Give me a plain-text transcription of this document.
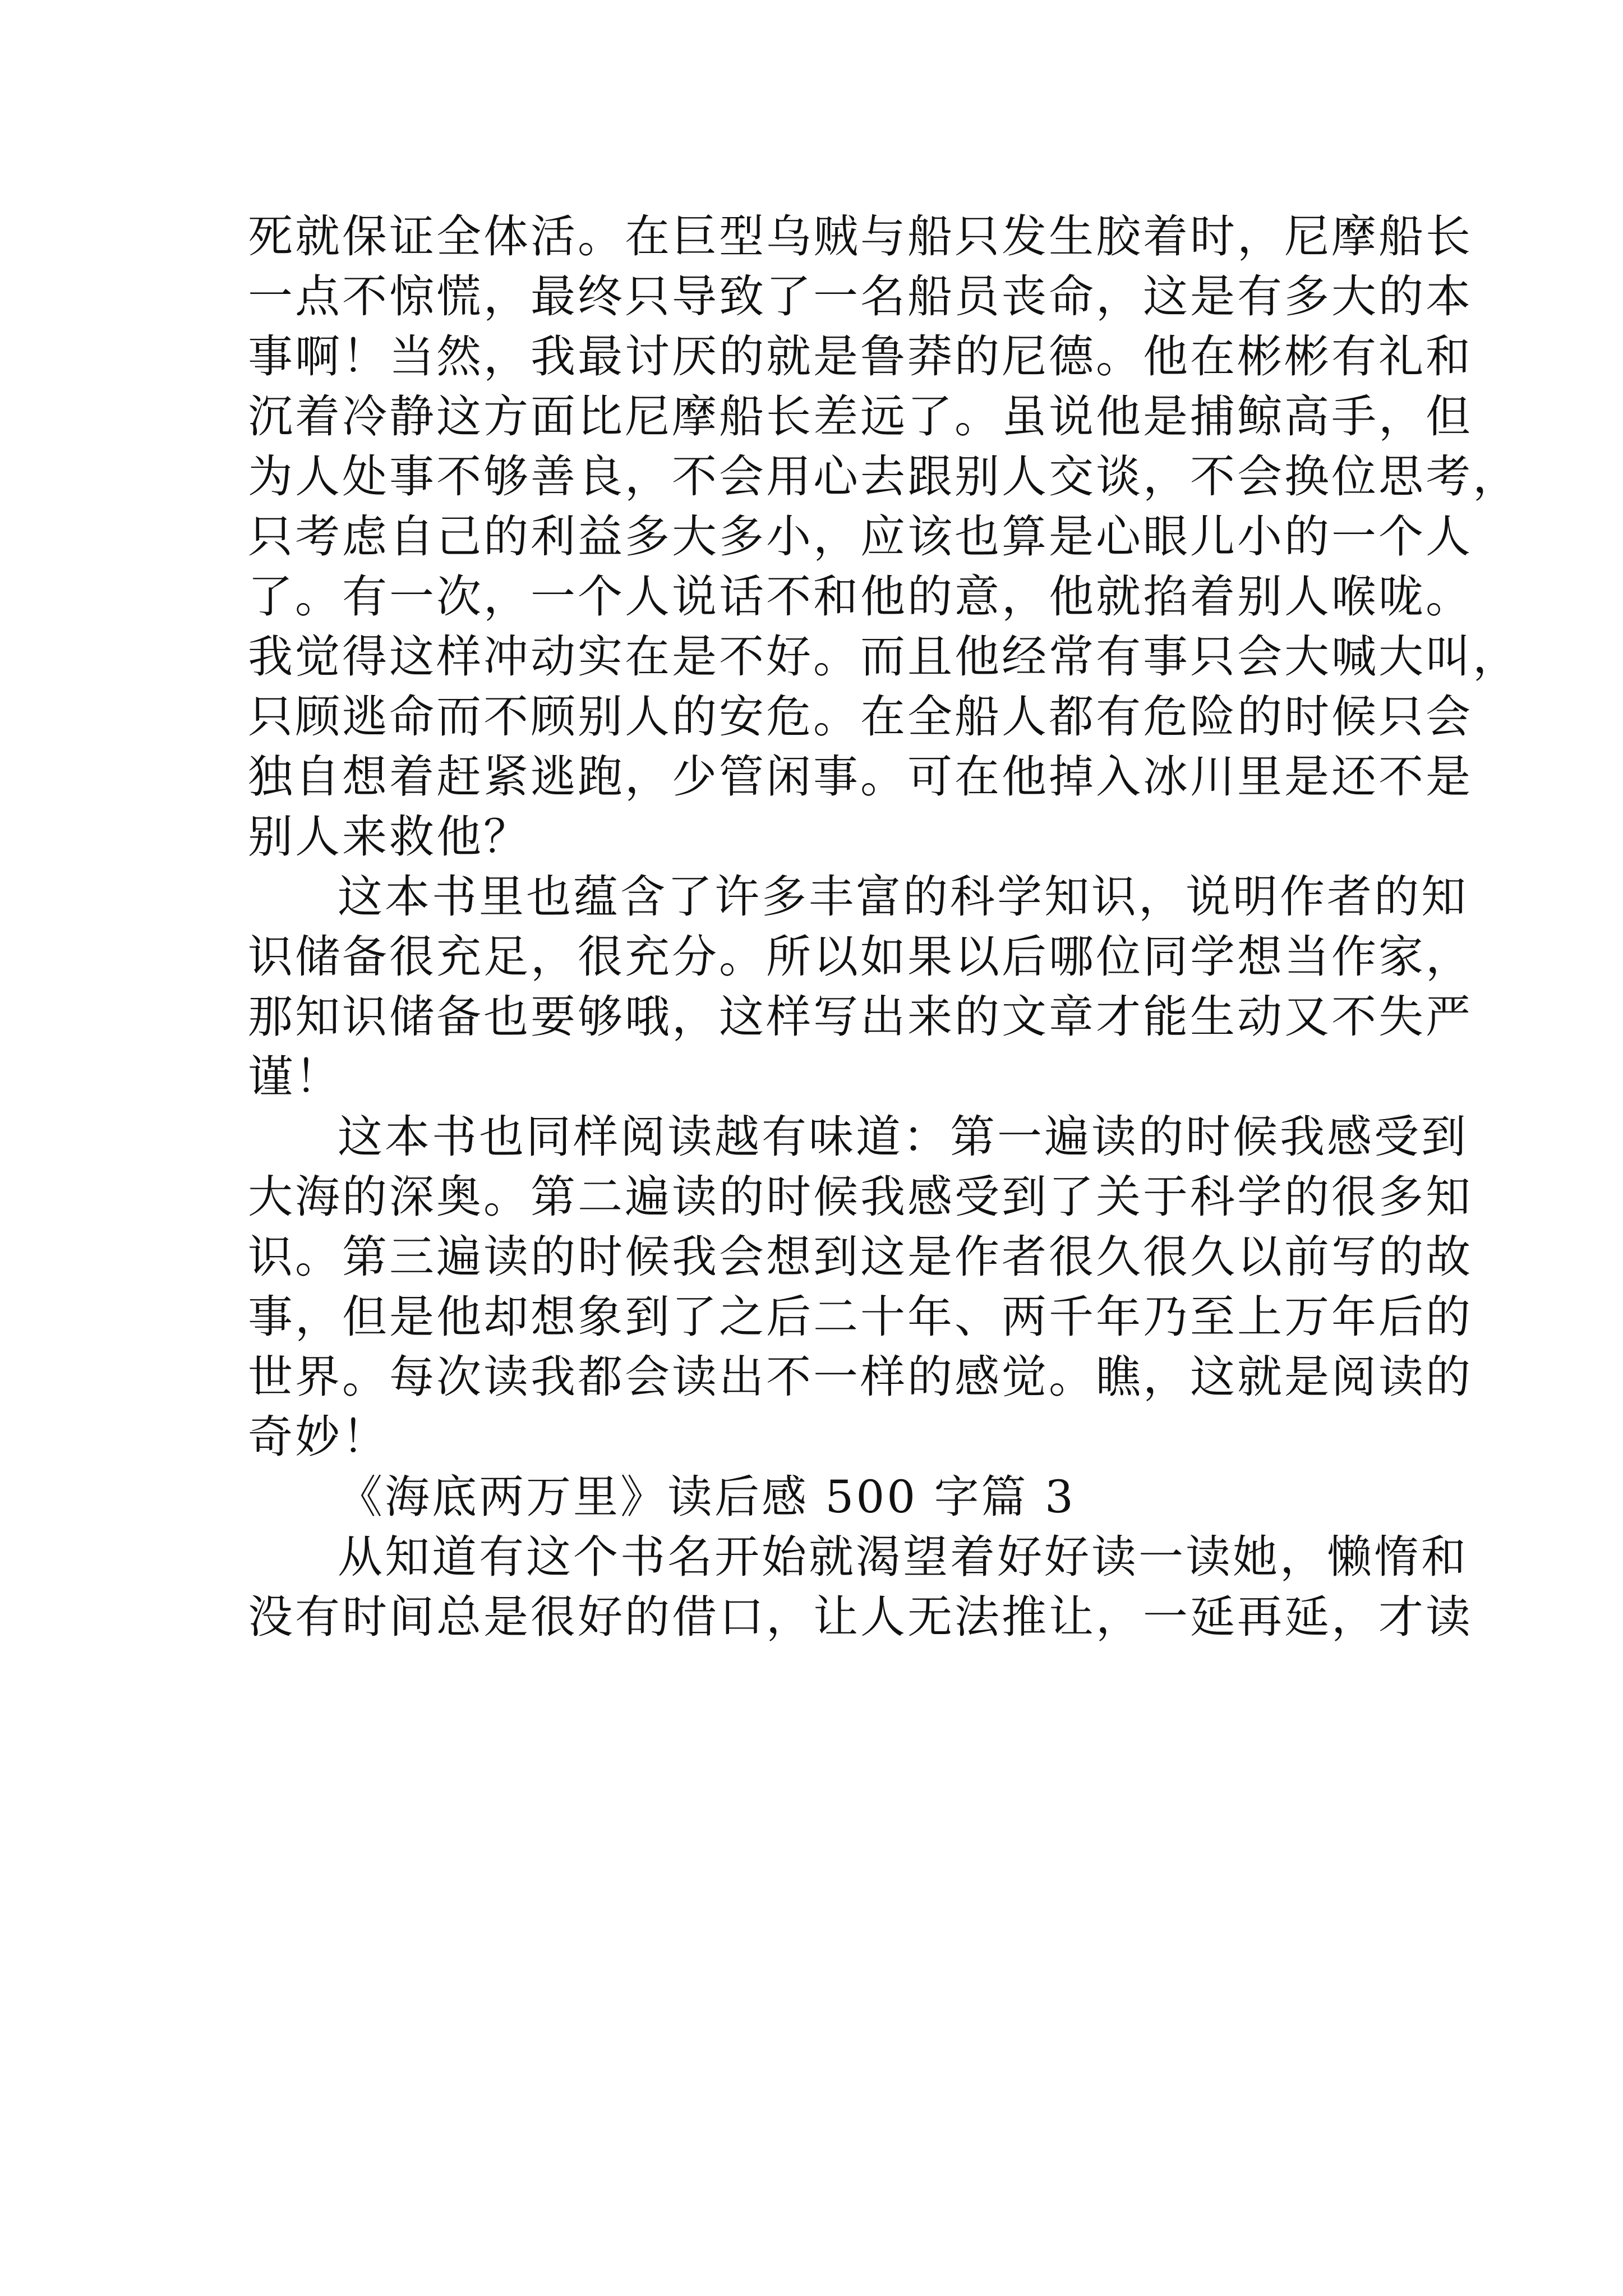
死就保证全体活。在巨型乌贼与船只发生胶着时，尼摩船长
一点不惊慌，最终只导致了一名船员丧命，这是有多大的本
事啊！当然，我最讨厌的就是鲁莽的尼德。他在彬彬有礼和
沉着冷静这方面比尼摩船长差远了。虽说他是捕鲸高手，但
为人处事不够善良，不会用心去跟别人交谈，不会换位思考，
只考虑自己的利益多大多小，应该也算是心眼儿小的一个人
了。有一次，一个人说话不和他的意，他就掐着别人喉咙。
我觉得这样冲动实在是不好。而且他经常有事只会大喊大叫，
只顾逃命而不顾别人的安危。在全船人都有危险的时候只会
独自想着赶紧逃跑，少管闲事。可在他掉入冰川里是还不是
别人来救他？
这本书里也蕴含了许多丰富的科学知识，说明作者的知
识储备很充足，很充分。所以如果以后哪位同学想当作家，
那知识储备也要够哦，这样写出来的文章才能生动又不失严
谨！
这本书也同样阅读越有味道：第一遍读的时候我感受到
大海的深奥。第二遍读的时候我感受到了关于科学的很多知
识。第三遍读的时候我会想到这是作者很久很久以前写的故
事，但是他却想象到了之后二十年、两千年乃至上万年后的
世界。每次读我都会读出不一样的感觉。瞧，这就是阅读的
奇妙！
《海底两万里》读后感 500 字篇 3
从知道有这个书名开始就渴望着好好读一读她，懒惰和
没有时间总是很好的借口，让人无法推让，一延再延，才读
